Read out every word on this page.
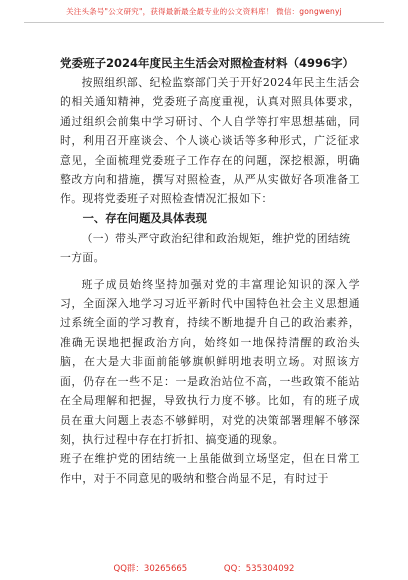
关注头条号"公文研究"，获得最新最全最专业的公文资料库！ 微信：gongwenyj

党委班子2024年度民主生活会对照检查材料（4996字）

按照组织部、纪检监察部门关于开好2024年民主生活会的相关通知精神，党委班子高度重视，认真对照具体要求，通过组织会前集中学习研讨、个人自学等打牢思想基础，同时，利用召开座谈会、个人谈心谈话等多种形式，广泛征求意见，全面梳理党委班子工作存在的问题，深挖根源，明确整改方向和措施，撰写对照检查，从严从实做好各项准备工作。现将党委班子对照检查情况汇报如下：

一、存在问题及具体表现

（一）带头严守政治纪律和政治规矩，维护党的团结统一方面。

班子成员始终坚持加强对党的丰富理论知识的深入学习，全面深入地学习习近平新时代中国特色社会主义思想通过系统全面的学习教育，持续不断地提升自己的政治素养，准确无误地把握政治方向，始终如一地保持清醒的政治头脑，在大是大非面前能够旗帜鲜明地表明立场。对照该方面，仍存在一些不足：一是政治站位不高，一些政策不能站在全局理解和把握，导致执行力度不够。比如，有的班子成员在重大问题上表态不够鲜明，对党的决策部署理解不够深刻，执行过程中存在打折扣、搞变通的现象。

班子在维护党的团结统一上虽能做到立场坚定，但在日常工作中，对于不同意见的吸纳和整合尚显不足，有时过于

QQ群：30265665	QQ：535304092
